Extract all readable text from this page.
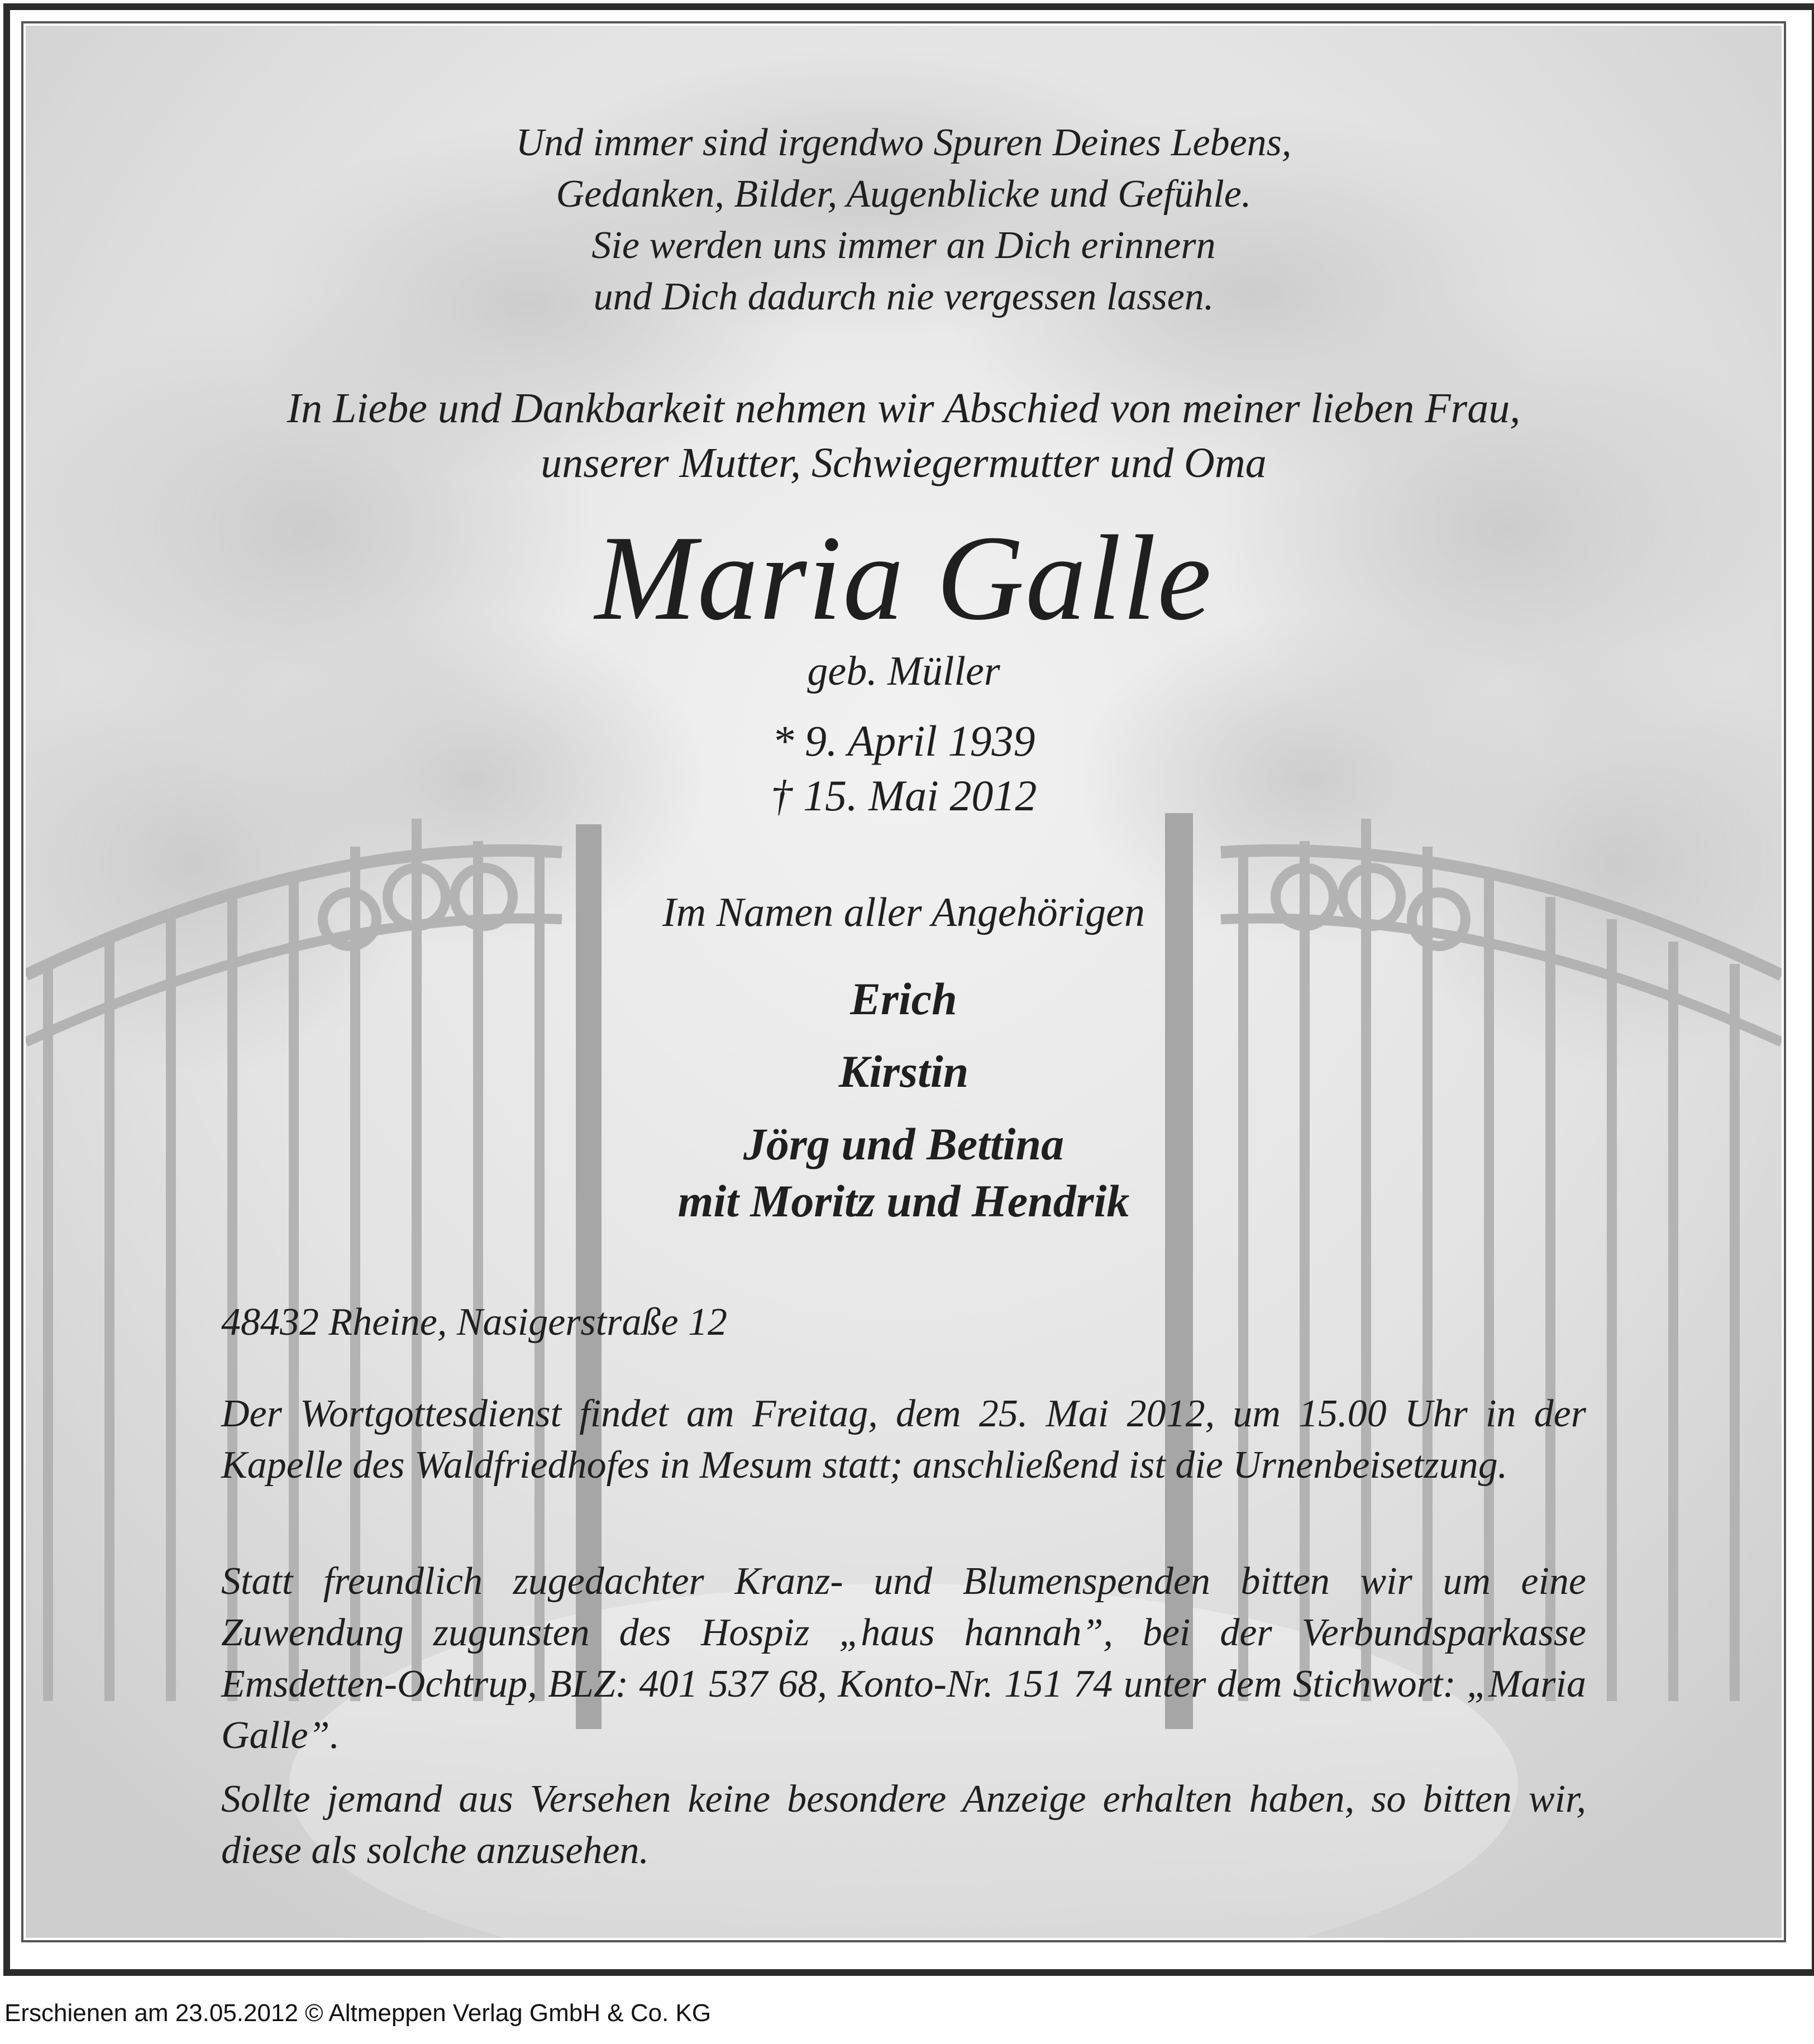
Und immer sind irgendwo Spuren Deines Lebens,
Gedanken, Bilder, Augenblicke und Gefühle.
Sie werden uns immer an Dich erinnern
und Dich dadurch nie vergessen lassen.
In Liebe und Dankbarkeit nehmen wir Abschied von meiner lieben Frau,
unserer Mutter, Schwiegermutter und Oma
Maria Galle
geb. Müller
* 9. April 1939
† 15. Mai 2012
Im Namen aller Angehörigen
Erich
Kirstin
Jörg und Bettina
mit Moritz und Hendrik
48432 Rheine, Nasigerstraße 12
Der Wortgottesdienst findet am Freitag, dem 25. Mai 2012, um 15.00 Uhr in der Kapelle des Waldfriedhofes in Mesum statt; anschließend ist die Urnenbeisetzung.
Statt freundlich zugedachter Kranz- und Blumenspenden bitten wir um eine Zuwendung zugunsten des Hospiz „haus hannah”, bei der Verbundsparkasse Emsdetten-Ochtrup, BLZ: 401 537 68, Konto-Nr. 151 74 unter dem Stichwort: „Maria Galle”.
Sollte jemand aus Versehen keine besondere Anzeige erhalten haben, so bitten wir, diese als solche anzusehen.
Erschienen am 23.05.2012 © Altmeppen Verlag GmbH & Co. KG
